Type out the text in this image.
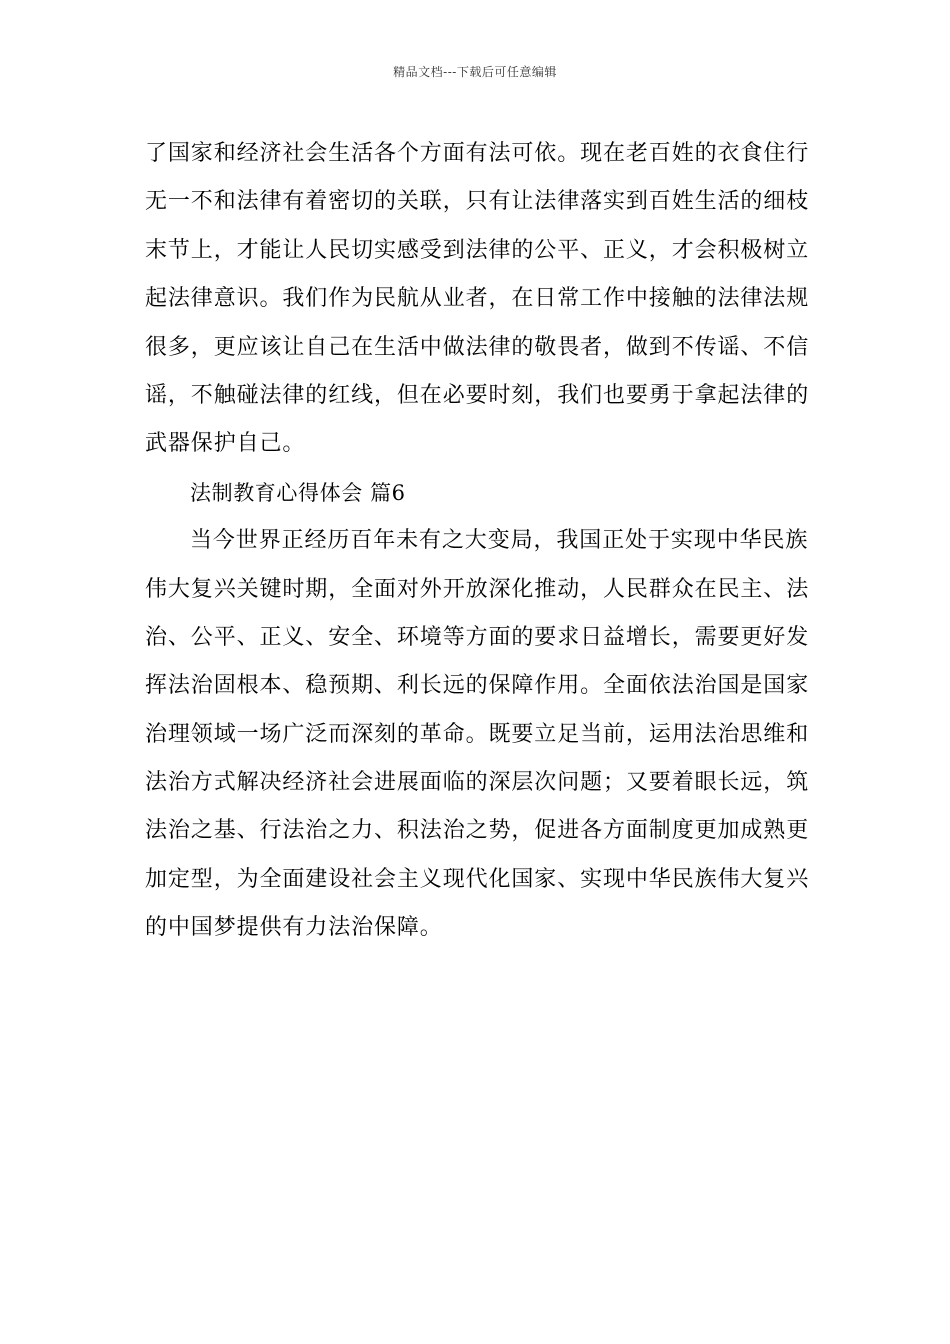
精品文档---下载后可任意编辑
了国家和经济社会生活各个方面有法可依。现在老百姓的衣食住行
无一不和法律有着密切的关联，只有让法律落实到百姓生活的细枝
末节上，才能让人民切实感受到法律的公平、正义，才会积极树立
起法律意识。我们作为民航从业者，在日常工作中接触的法律法规
很多，更应该让自己在生活中做法律的敬畏者，做到不传谣、不信
谣，不触碰法律的红线，但在必要时刻，我们也要勇于拿起法律的
武器保护自己。
法制教育心得体会 篇6
当今世界正经历百年未有之大变局，我国正处于实现中华民族
伟大复兴关键时期，全面对外开放深化推动，人民群众在民主、法
治、公平、正义、安全、环境等方面的要求日益增长，需要更好发
挥法治固根本、稳预期、利长远的保障作用。全面依法治国是国家
治理领域一场广泛而深刻的革命。既要立足当前，运用法治思维和
法治方式解决经济社会进展面临的深层次问题；又要着眼长远，筑
法治之基、行法治之力、积法治之势，促进各方面制度更加成熟更
加定型，为全面建设社会主义现代化国家、实现中华民族伟大复兴
的中国梦提供有力法治保障。
